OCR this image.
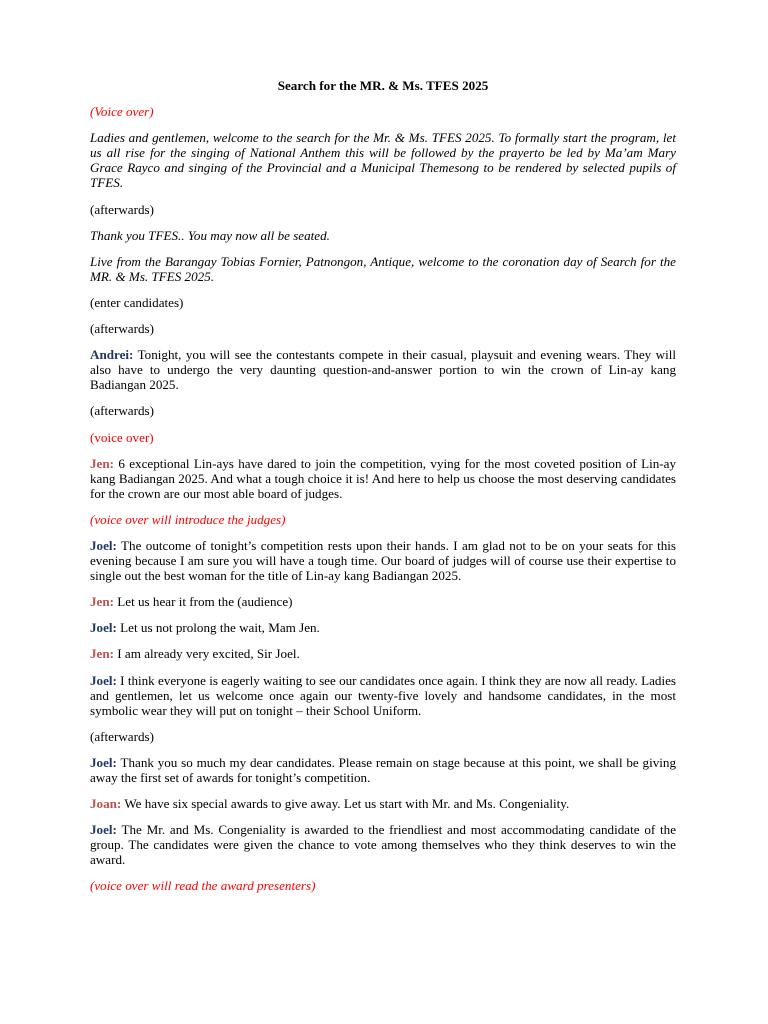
Search for the MR. & Ms. TFES 2025
(Voice over)
Ladies and gentlemen, welcome to the search for the Mr. & Ms. TFES 2025. To formally start the program, let us all rise for the singing of National Anthem this will be followed by the prayerto be led by Ma’am Mary Grace Rayco and singing of the Provincial and a Municipal Themesong to be rendered by selected pupils of TFES.
(afterwards)
Thank you TFES.. You may now all be seated.
Live from the Barangay Tobias Fornier, Patnongon, Antique, welcome to the coronation day of Search for the MR. & Ms. TFES 2025.
(enter candidates)
(afterwards)
Andrei: Tonight, you will see the contestants compete in their casual, playsuit and evening wears. They will also have to undergo the very daunting question-and-answer portion to win the crown of Lin-ay kang Badiangan 2025.
(afterwards)
(voice over)
Jen: 6 exceptional Lin-ays have dared to join the competition, vying for the most coveted position of Lin-ay kang Badiangan 2025. And what a tough choice it is! And here to help us choose the most deserving candidates for the crown are our most able board of judges.
(voice over will introduce the judges)
Joel: The outcome of tonight’s competition rests upon their hands. I am glad not to be on your seats for this evening because I am sure you will have a tough time. Our board of judges will of course use their expertise to single out the best woman for the title of Lin-ay kang Badiangan 2025.
Jen: Let us hear it from the (audience)
Joel: Let us not prolong the wait, Mam Jen.
Jen: I am already very excited, Sir Joel.
Joel: I think everyone is eagerly waiting to see our candidates once again. I think they are now all ready. Ladies and gentlemen, let us welcome once again our twenty-five lovely and handsome candidates, in the most symbolic wear they will put on tonight – their School Uniform.
(afterwards)
Joel: Thank you so much my dear candidates. Please remain on stage because at this point, we shall be giving away the first set of awards for tonight’s competition.
Joan: We have six special awards to give away. Let us start with Mr. and Ms. Congeniality.
Joel: The Mr. and Ms. Congeniality is awarded to the friendliest and most accommodating candidate of the group. The candidates were given the chance to vote among themselves who they think deserves to win the award.
(voice over will read the award presenters)
